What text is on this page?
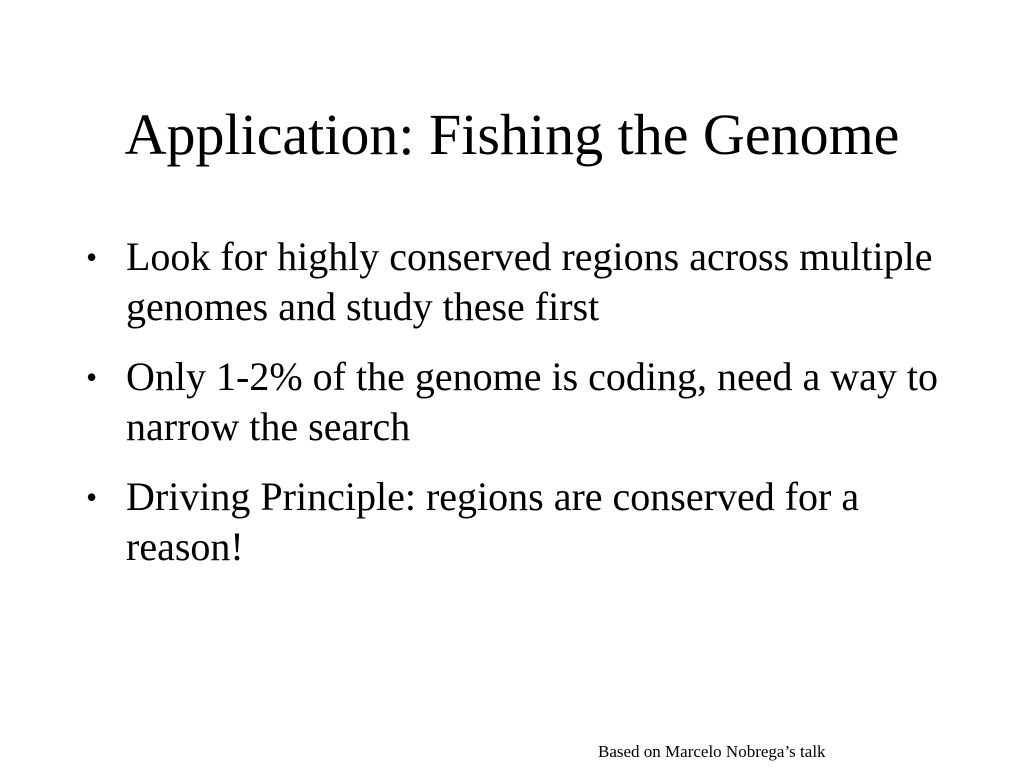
Application: Fishing the Genome
• Look for highly conserved regions across multiple genomes and study these first
• Only 1-2% of the genome is coding, need a way to narrow the search
• Driving Principle: regions are conserved for a reason!
Based on Marcelo Nobrega’s talk
